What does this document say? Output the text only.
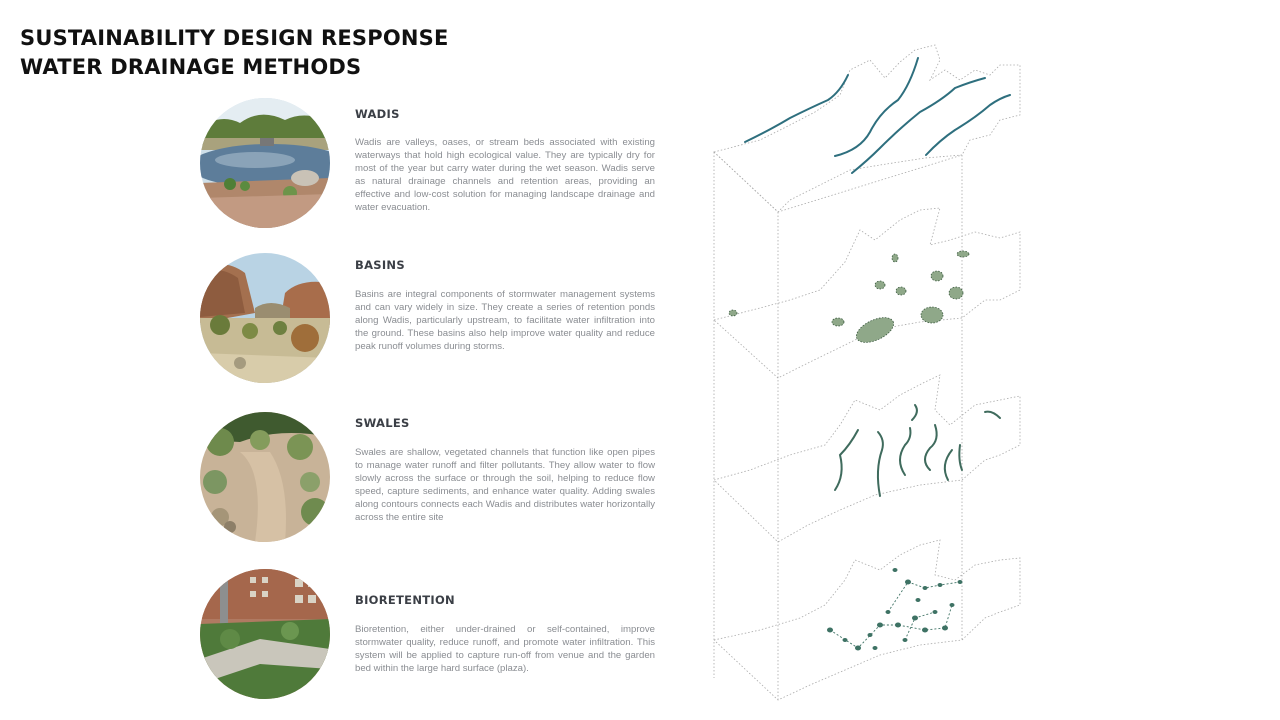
SUSTAINABILITY DESIGN RESPONSE
WATER DRAINAGE METHODS
WADIS
Wadis are valleys, oases, or stream beds associated with existing waterways that hold high ecological value. They are typically dry for most of the year but carry water during the wet season. Wadis serve as natural drainage channels and retention areas, providing an effective and low-cost solution for managing landscape drainage and water evacuation.
BASINS
Basins are integral components of stormwater management systems and can vary widely in size. They create a series of retention ponds along Wadis, particularly upstream, to facilitate water infiltration into the ground. These basins also help improve water quality and reduce peak runoff volumes during storms.
SWALES
Swales are shallow, vegetated channels that function like open pipes to manage water runoff and filter pollutants. They allow water to flow slowly across the surface or through the soil, helping to reduce flow speed, capture sediments, and enhance water quality. Adding swales along contours connects each Wadis and distributes water horizontally across the entire site
BIORETENTION
Bioretention, either under-drained or self-contained, improve stormwater quality, reduce runoff, and promote water infiltration. This system will be applied to capture run-off from venue and the garden bed within the large hard surface (plaza).
